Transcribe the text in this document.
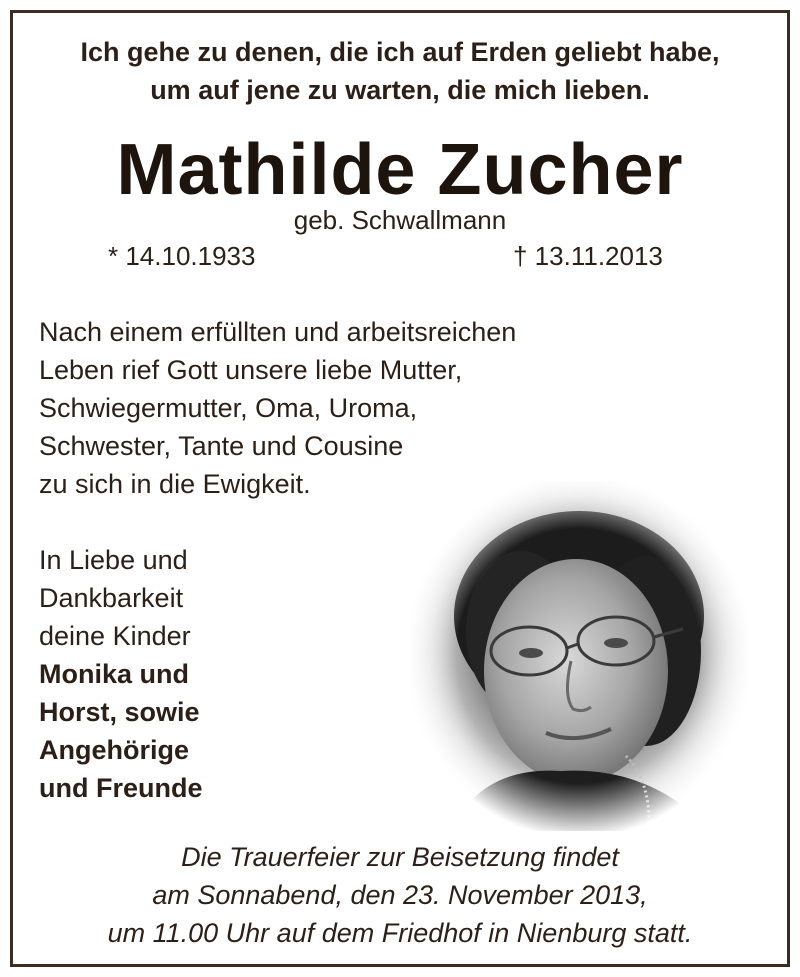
Ich gehe zu denen, die ich auf Erden geliebt habe,
um auf jene zu warten, die mich lieben.
Mathilde Zucher
geb. Schwallmann
* 14.10.1933	† 13.11.2013
Nach einem erfüllten und arbeitsreichen
Leben rief Gott unsere liebe Mutter,
Schwiegermutter, Oma, Uroma,
Schwester, Tante und Cousine
zu sich in die Ewigkeit.
In Liebe und
Dankbarkeit
deine Kinder
Monika und
Horst, sowie
Angehörige
und Freunde
Die Trauerfeier zur Beisetzung findet
am Sonnabend, den 23. November 2013,
um 11.00 Uhr auf dem Friedhof in Nienburg statt.
